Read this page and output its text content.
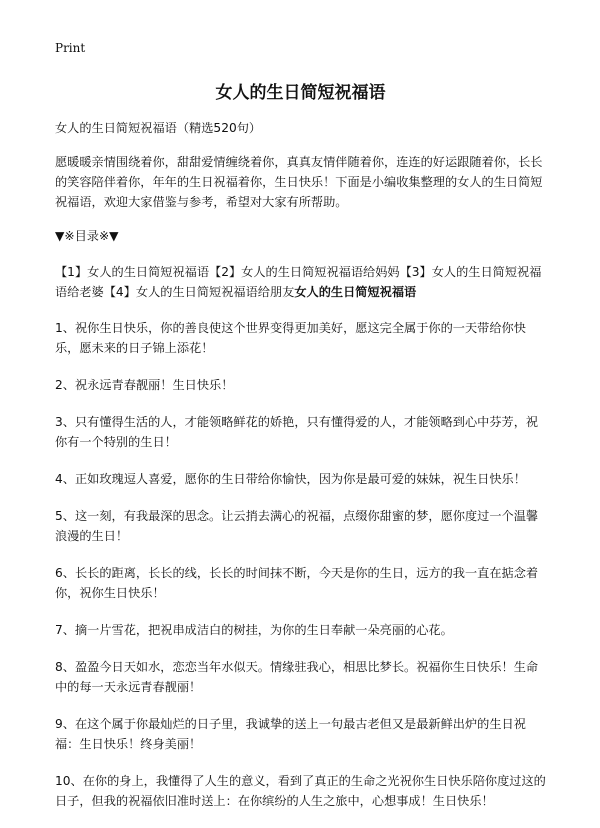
Print
女人的生日简短祝福语

女人的生日简短祝福语（精选520句）

愿暖暖亲情围绕着你，甜甜爱情缠绕着你，真真友情伴随着你，连连的好运跟随着你，长长的笑容陪伴着你，年年的生日祝福着你，生日快乐！下面是小编收集整理的女人的生日简短祝福语，欢迎大家借鉴与参考，希望对大家有所帮助。

▼※目录※▼

【1】女人的生日简短祝福语【2】女人的生日简短祝福语给妈妈【3】女人的生日简短祝福语给老婆【4】女人的生日简短祝福语给朋友女人的生日简短祝福语

1、祝你生日快乐，你的善良使这个世界变得更加美好，愿这完全属于你的一天带给你快乐，愿未来的日子锦上添花！

2、祝永远青春靓丽！生日快乐！

3、只有懂得生活的人，才能领略鲜花的娇艳，只有懂得爱的人，才能领略到心中芬芳，祝你有一个特别的生日！

4、正如玫瑰逗人喜爱，愿你的生日带给你愉快，因为你是最可爱的妹妹，祝生日快乐！

5、这一刻，有我最深的思念。让云捎去满心的祝福，点缀你甜蜜的梦，愿你度过一个温馨浪漫的生日！

6、长长的距离，长长的线，长长的时间抹不断，今天是你的生日，远方的我一直在掂念着你，祝你生日快乐！

7、摘一片雪花，把祝串成洁白的树挂，为你的生日奉献一朵亮丽的心花。

8、盈盈今日天如水，恋恋当年水似天。情缘驻我心，相思比梦长。祝福你生日快乐！生命中的每一天永远青春靓丽！

9、在这个属于你最灿烂的日子里，我诚挚的送上一句最古老但又是最新鲜出炉的生日祝福：生日快乐！终身美丽！

10、在你的身上，我懂得了人生的意义，看到了真正的生命之光祝你生日快乐陪你度过这的日子，但我的祝福依旧准时送上：在你缤纷的人生之旅中，心想事成！生日快乐！
